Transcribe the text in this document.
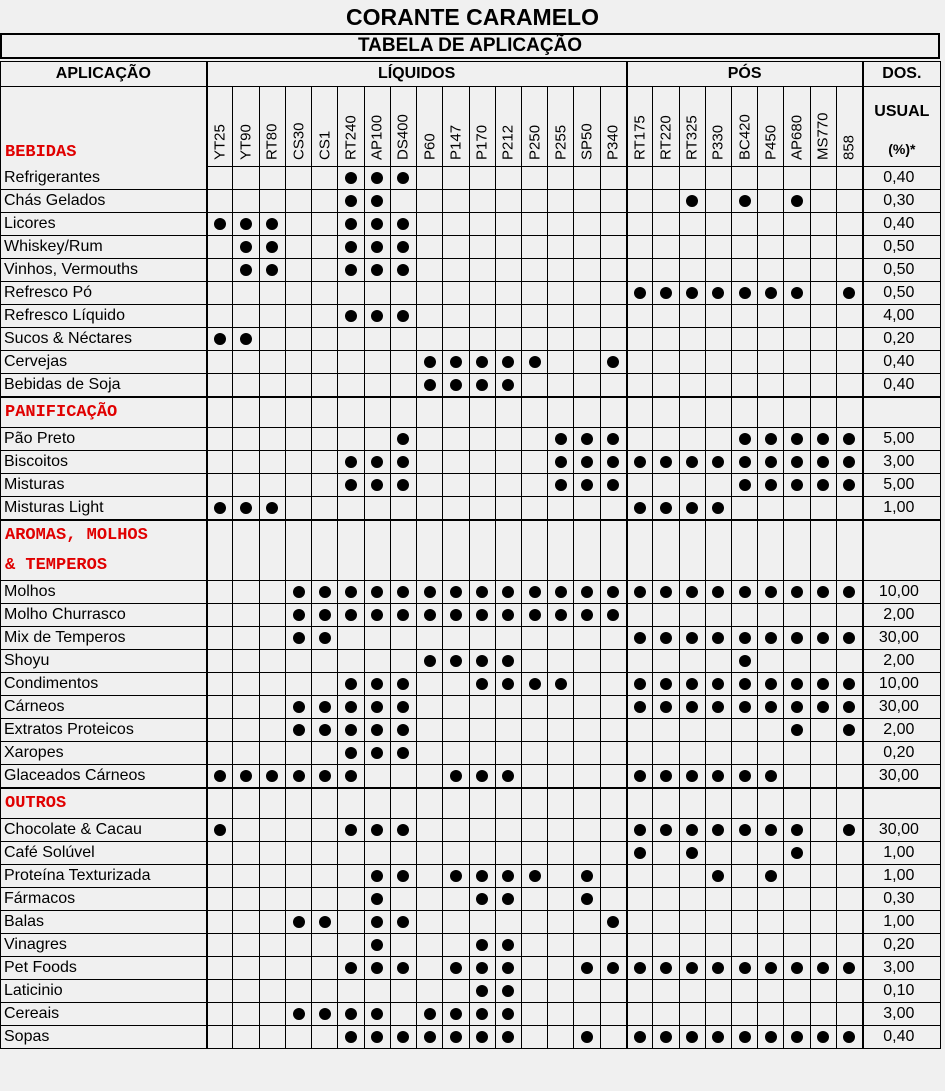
CORANTE CARAMELO
TABELA DE APLICAÇÃO
APLICAÇÃO	LÍQUIDOS																PÓS									DOS.
BEBIDAS	YT25	YT90	RT80	CS30	CS1	RT240	AP100	DS400	P60	P147	P170	P212	P250	P255	SP50	P340	RT175	RT220	RT325	P330	BC420	P450	AP680	MS770	858	USUAL
(%)*

Refrigerantes																										0,40
Chás Gelados																										0,30
Licores																										0,40
Whiskey/Rum																										0,50
Vinhos, Vermouths																										0,50
Refresco Pó																										0,50
Refresco Líquido																										4,00
Sucos & Néctares																										0,20
Cervejas																										0,40
Bebidas de Soja																										0,40
PANIFICAÇÃO																										
Pão Preto																										5,00
Biscoitos																										3,00
Misturas																										5,00
Misturas Light																										1,00
AROMAS, MOLHOS																										
& TEMPEROS																										
Molhos																										10,00
Molho Churrasco																										2,00
Mix de Temperos																										30,00
Shoyu																										2,00
Condimentos																										10,00
Cárneos																										30,00
Extratos Proteicos																										2,00
Xaropes																										0,20
Glaceados Cárneos																										30,00
OUTROS																										
Chocolate & Cacau																										30,00
Café Solúvel																										1,00
Proteína Texturizada																										1,00
Fármacos																										0,30
Balas																										1,00
Vinagres																										0,20
Pet Foods																										3,00
Laticinio																										0,10
Cereais																										3,00
Sopas																										0,40
